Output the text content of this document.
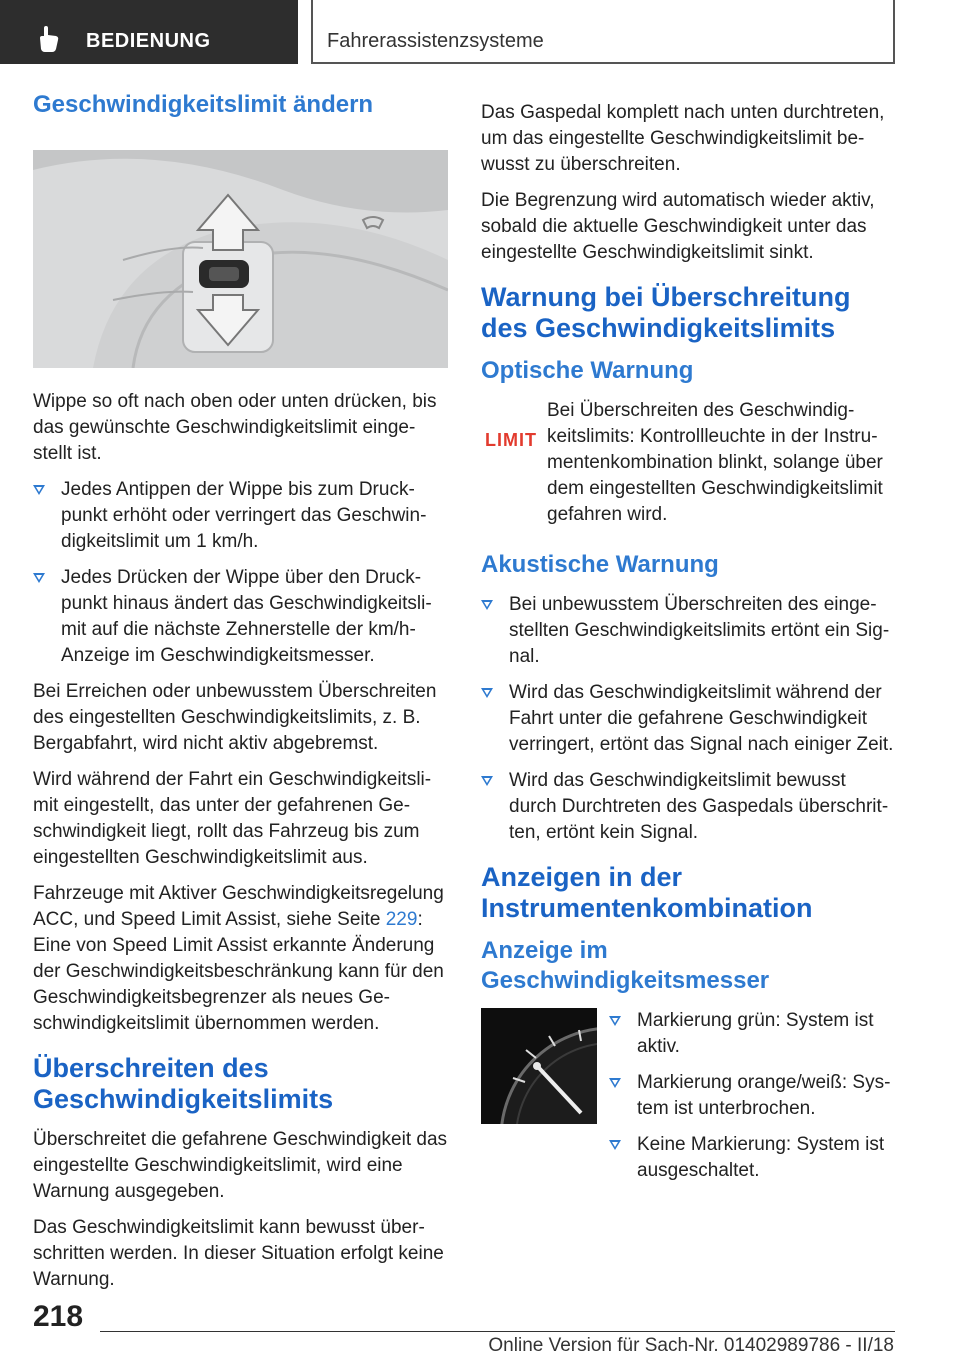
BEDIENUNG	Fahrerassistenzsysteme
Geschwindigkeitslimit ändern

Wippe so oft nach oben oder unten drücken, bis das gewünschte Geschwindigkeitslimit eingestellt ist.

Jedes Antippen der Wippe bis zum Druckpunkt erhöht oder verringert das Geschwindigkeitslimit um 1 km/h.
Jedes Drücken der Wippe über den Druckpunkt hinaus ändert das Geschwindigkeitslimit auf die nächste Zehnerstelle der km/h-Anzeige im Geschwindigkeitsmesser.

Bei Erreichen oder unbewusstem Überschreiten des eingestellten Geschwindigkeitslimits, z. B. Bergabfahrt, wird nicht aktiv abgebremst.

Wird während der Fahrt ein Geschwindigkeitslimit eingestellt, das unter der gefahrenen Geschwindigkeit liegt, rollt das Fahrzeug bis zum eingestellten Geschwindigkeitslimit aus.

Fahrzeuge mit Aktiver Geschwindigkeitsregelung ACC, und Speed Limit Assist, siehe Seite 229: Eine von Speed Limit Assist erkannte Änderung der Geschwindigkeitsbeschränkung kann für den Geschwindigkeitsbegrenzer als neues Geschwindigkeitslimit übernommen werden.

Überschreiten des Geschwindigkeitslimits

Überschreitet die gefahrene Geschwindigkeit das eingestellte Geschwindigkeitslimit, wird eine Warnung ausgegeben.

Das Geschwindigkeitslimit kann bewusst überschritten werden. In dieser Situation erfolgt keine Warnung.

Das Gaspedal komplett nach unten durchtreten, um das eingestellte Geschwindigkeitslimit bewusst zu überschreiten.

Die Begrenzung wird automatisch wieder aktiv, sobald die aktuelle Geschwindigkeit unter das eingestellte Geschwindigkeitslimit sinkt.

Warnung bei Überschreitung des Geschwindigkeitslimits
Optische Warnung
LIMIT

Bei Überschreiten des Geschwindigkeitslimits: Kontrollleuchte in der Instrumentenkombination blinkt, solange über dem eingestellten Geschwindigkeitslimit gefahren wird.

Akustische Warnung
Bei unbewusstem Überschreiten des eingestellten Geschwindigkeitslimits ertönt ein Signal.
Wird das Geschwindigkeitslimit während der Fahrt unter die gefahrene Geschwindigkeit verringert, ertönt das Signal nach einiger Zeit.
Wird das Geschwindigkeitslimit bewusst durch Durchtreten des Gaspedals überschritten, ertönt kein Signal.
Anzeigen in der Instrumentenkombination
Anzeige im Geschwindigkeitsmesser
Markierung grün: System ist aktiv.
Markierung orange/weiß: System ist unterbrochen.
Keine Markierung: System ist ausgeschaltet.
218
Online Version für Sach-Nr. 01402989786 - II/18
